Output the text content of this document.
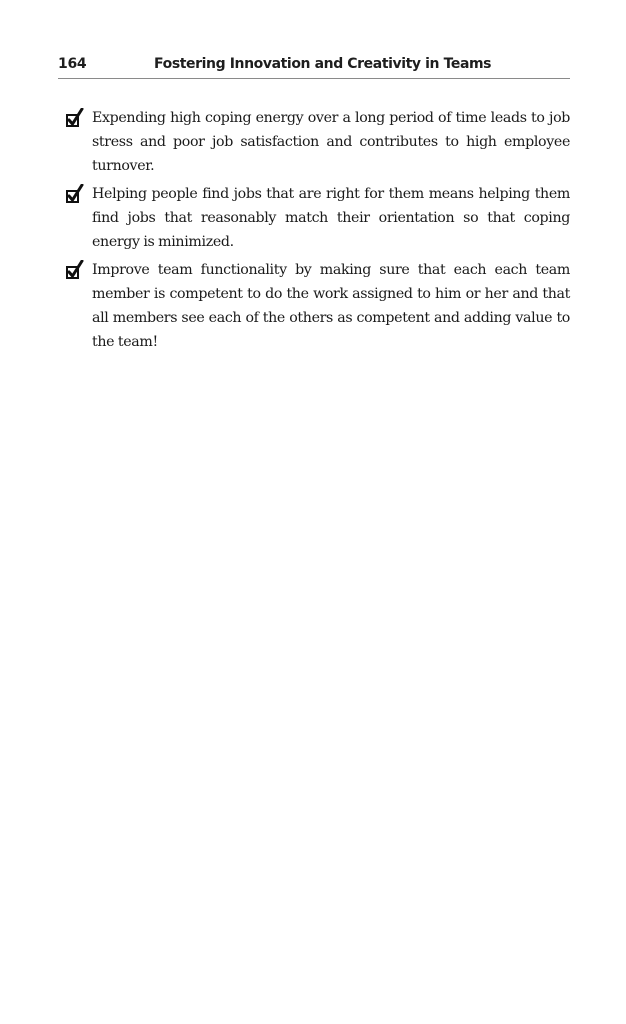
164	Fostering Innovation and Creativity in Teams
Expending high coping energy over a long period of time leads to job stress and poor job satisfaction and contributes to high employee turnover.
Helping people find jobs that are right for them means helping them find jobs that reasonably match their orientation so that coping energy is minimized.
Improve team functionality by making sure that each each team member is competent to do the work assigned to him or her and that all members see each of the others as competent and adding value to the team!
